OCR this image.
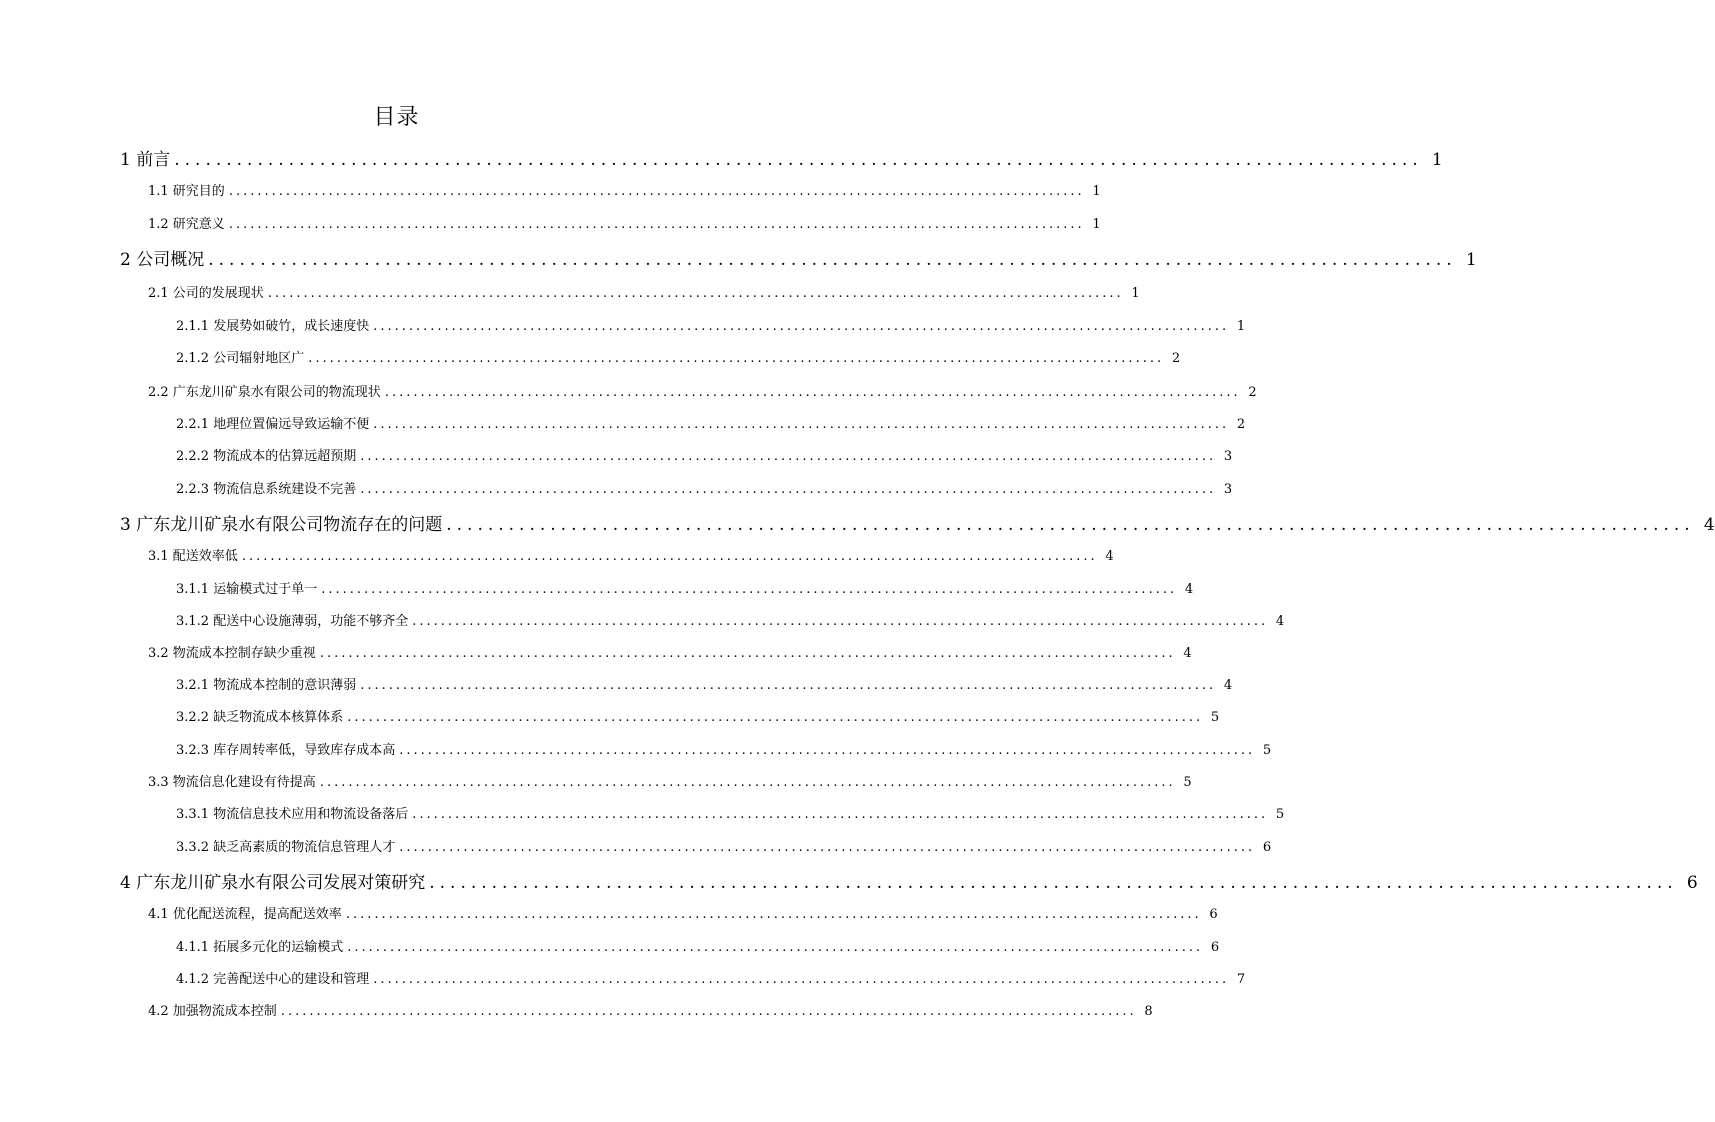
目录
1 前言 ........................................................................................................................ 1
1.1 研究目的 ........................................................................................................................ 1
1.2 研究意义 ........................................................................................................................ 1
2 公司概况 ........................................................................................................................ 1
2.1 公司的发展现状 ........................................................................................................................ 1
2.1.1 发展势如破竹，成长速度快 ........................................................................................................................ 1
2.1.2 公司辐射地区广 ........................................................................................................................ 2
2.2 广东龙川矿泉水有限公司的物流现状 ........................................................................................................................ 2
2.2.1 地理位置偏远导致运输不便 ........................................................................................................................ 2
2.2.2 物流成本的估算远超预期 ........................................................................................................................ 3
2.2.3 物流信息系统建设不完善 ........................................................................................................................ 3
3 广东龙川矿泉水有限公司物流存在的问题 ........................................................................................................................ 4
3.1 配送效率低 ........................................................................................................................ 4
3.1.1 运输模式过于单一 ........................................................................................................................ 4
3.1.2 配送中心设施薄弱，功能不够齐全 ........................................................................................................................ 4
3.2 物流成本控制存缺少重视 ........................................................................................................................ 4
3.2.1 物流成本控制的意识薄弱 ........................................................................................................................ 4
3.2.2 缺乏物流成本核算体系 ........................................................................................................................ 5
3.2.3 库存周转率低，导致库存成本高 ........................................................................................................................ 5
3.3 物流信息化建设有待提高 ........................................................................................................................ 5
3.3.1 物流信息技术应用和物流设备落后 ........................................................................................................................ 5
3.3.2 缺乏高素质的物流信息管理人才 ........................................................................................................................ 6
4 广东龙川矿泉水有限公司发展对策研究 ........................................................................................................................ 6
4.1 优化配送流程，提高配送效率 ........................................................................................................................ 6
4.1.1 拓展多元化的运输模式 ........................................................................................................................ 6
4.1.2 完善配送中心的建设和管理 ........................................................................................................................ 7
4.2 加强物流成本控制 ........................................................................................................................ 8
